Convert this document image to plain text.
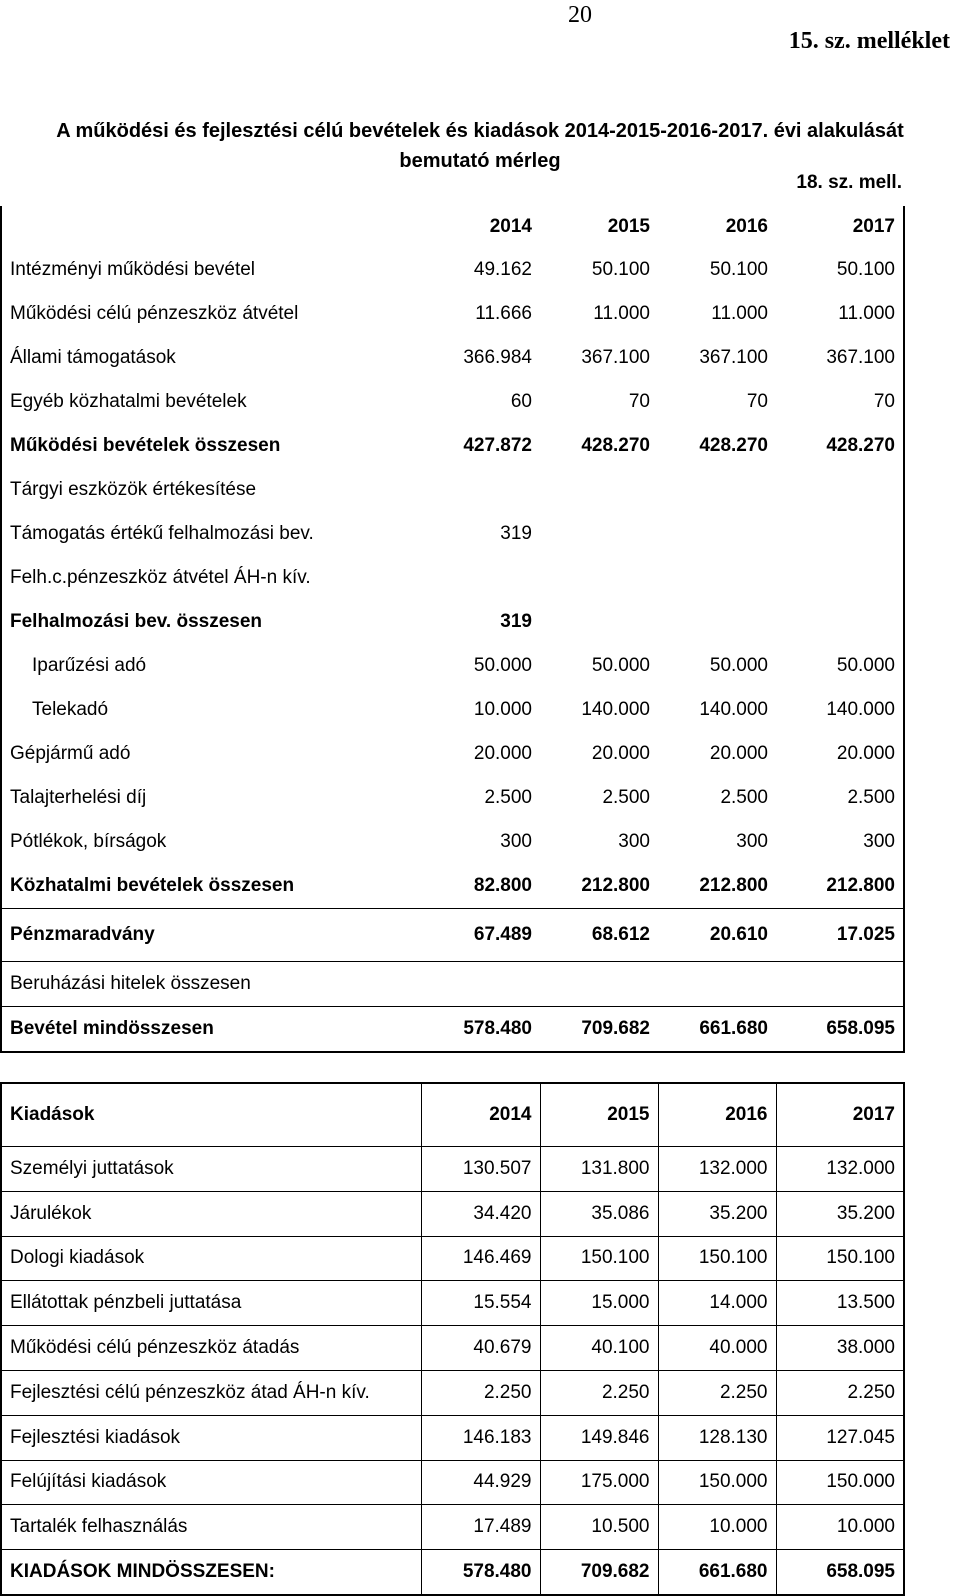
20
15. sz. melléklet
A működési és fejlesztési célú bevételek és kiadások 2014-2015-2016-2017. évi alakulását bemutató mérleg
18. sz. mell.
	2014	2015	2016	2017
Intézményi működési bevétel	49.162	50.100	50.100	50.100
Működési célú pénzeszköz átvétel	11.666	11.000	11.000	11.000
Állami támogatások	366.984	367.100	367.100	367.100
Egyéb közhatalmi bevételek	60	70	70	70
Működési bevételek összesen	427.872	428.270	428.270	428.270
Tárgyi eszközök értékesítése				
Támogatás értékű felhalmozási bev.	319			
Felh.c.pénzeszköz átvétel ÁH-n kív.				
Felhalmozási bev. összesen	319			
Iparűzési adó	50.000	50.000	50.000	50.000
Telekadó	10.000	140.000	140.000	140.000
Gépjármű adó	20.000	20.000	20.000	20.000
Talajterhelési díj	2.500	2.500	2.500	2.500
Pótlékok, bírságok	300	300	300	300
Közhatalmi bevételek összesen	82.800	212.800	212.800	212.800
Pénzmaradvány	67.489	68.612	20.610	17.025
Beruházási hitelek összesen				
Bevétel mindösszesen	578.480	709.682	661.680	658.095
Kiadások	2014	2015	2016	2017
Személyi juttatások	130.507	131.800	132.000	132.000
Járulékok	34.420	35.086	35.200	35.200
Dologi kiadások	146.469	150.100	150.100	150.100
Ellátottak pénzbeli juttatása	15.554	15.000	14.000	13.500
Működési célú pénzeszköz átadás	40.679	40.100	40.000	38.000
Fejlesztési célú pénzeszköz átad ÁH-n kív.	2.250	2.250	2.250	2.250
Fejlesztési kiadások	146.183	149.846	128.130	127.045
Felújítási kiadások	44.929	175.000	150.000	150.000
Tartalék felhasználás	17.489	10.500	10.000	10.000
KIADÁSOK MINDÖSSZESEN:	578.480	709.682	661.680	658.095
